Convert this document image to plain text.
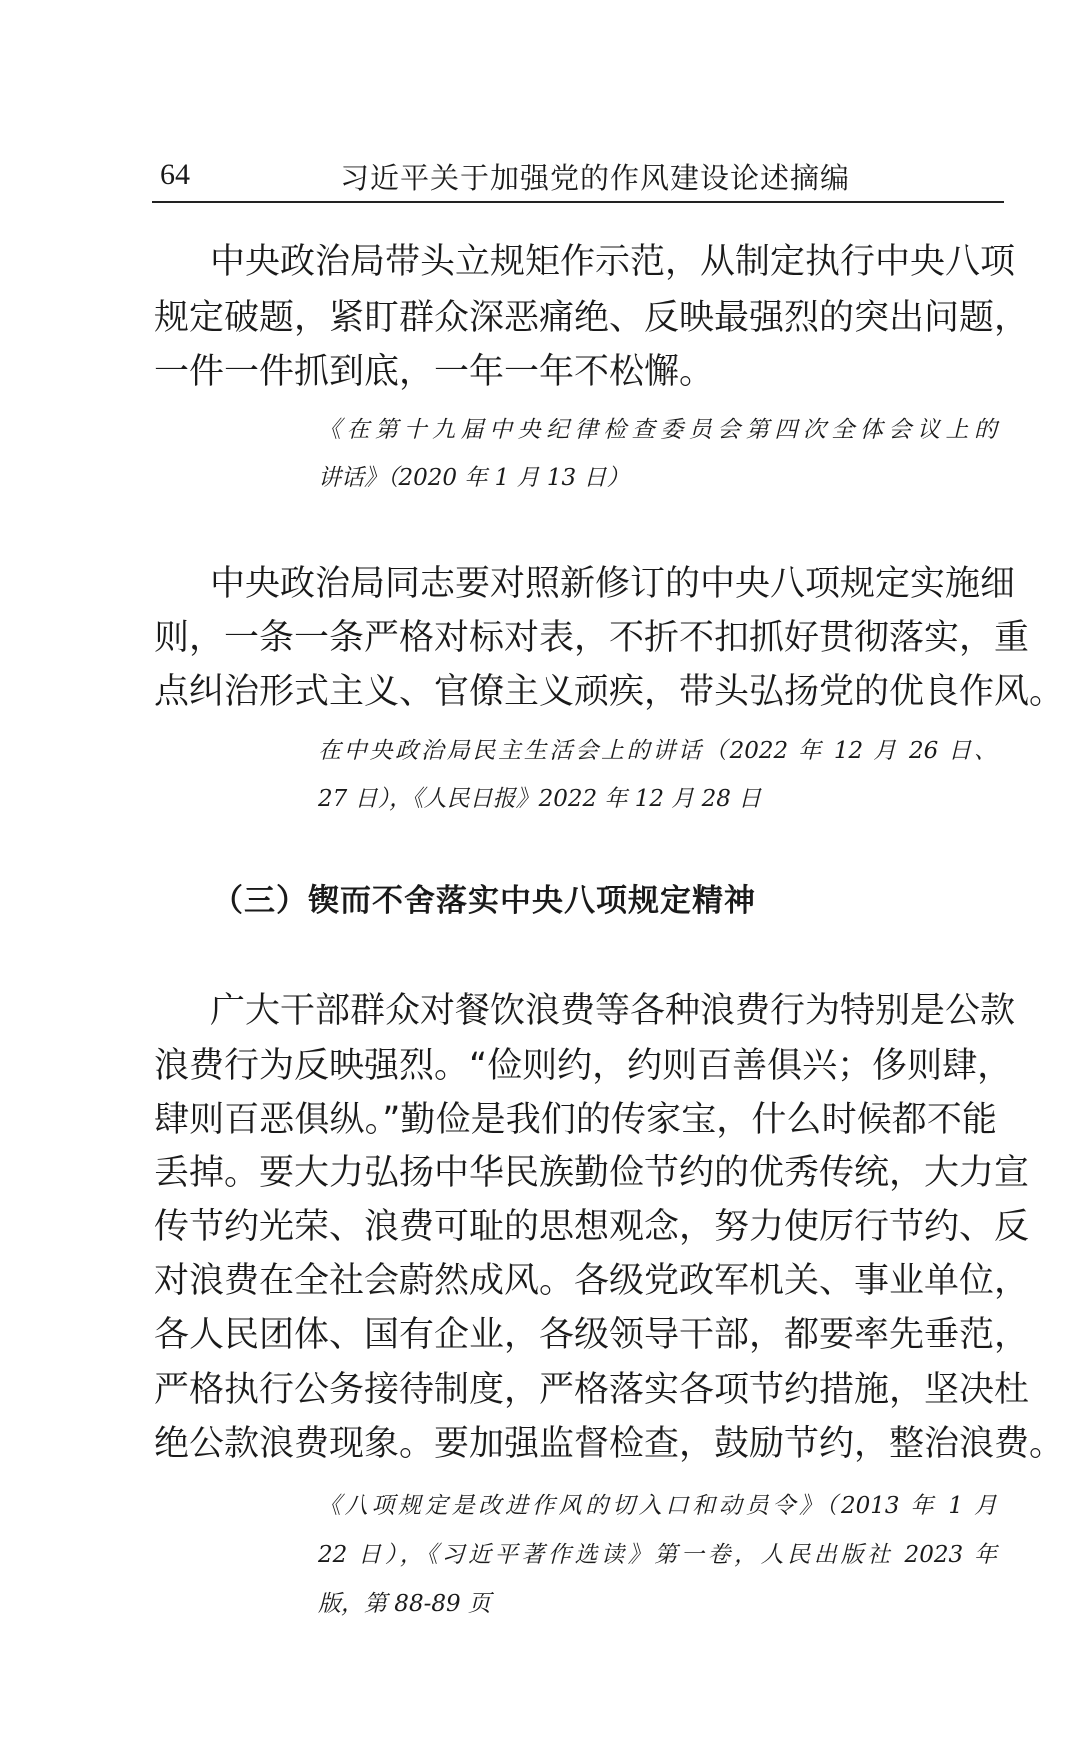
64	习近平关于加强党的作风建设论述摘编
中央政治局带头立规矩作示范，从制定执行中央八项
规定破题，紧盯群众深恶痛绝、反映最强烈的突出问题，
一件一件抓到底，一年一年不松懈。
《在第十九届中央纪律检查委员会第四次全体会议上的
讲话》（2020 年 1 月 13 日）
中央政治局同志要对照新修订的中央八项规定实施细
则，一条一条严格对标对表，不折不扣抓好贯彻落实，重
点纠治形式主义、官僚主义顽疾，带头弘扬党的优良作风。
在中央政治局民主生活会上的讲话（2022 年 12 月 26 日、
27 日），《人民日报》2022 年 12 月 28 日
（三）锲而不舍落实中央八项规定精神
广大干部群众对餐饮浪费等各种浪费行为特别是公款
浪费行为反映强烈。“俭则约，约则百善俱兴；侈则肆，
肆则百恶俱纵。”勤俭是我们的传家宝，什么时候都不能
丢掉。要大力弘扬中华民族勤俭节约的优秀传统，大力宣
传节约光荣、浪费可耻的思想观念，努力使厉行节约、反
对浪费在全社会蔚然成风。各级党政军机关、事业单位，
各人民团体、国有企业，各级领导干部，都要率先垂范，
严格执行公务接待制度，严格落实各项节约措施，坚决杜
绝公款浪费现象。要加强监督检查，鼓励节约，整治浪费。
《八项规定是改进作风的切入口和动员令》（2013 年 1 月
22 日），《习近平著作选读》第一卷，人民出版社 2023 年
版，第 88-89 页
